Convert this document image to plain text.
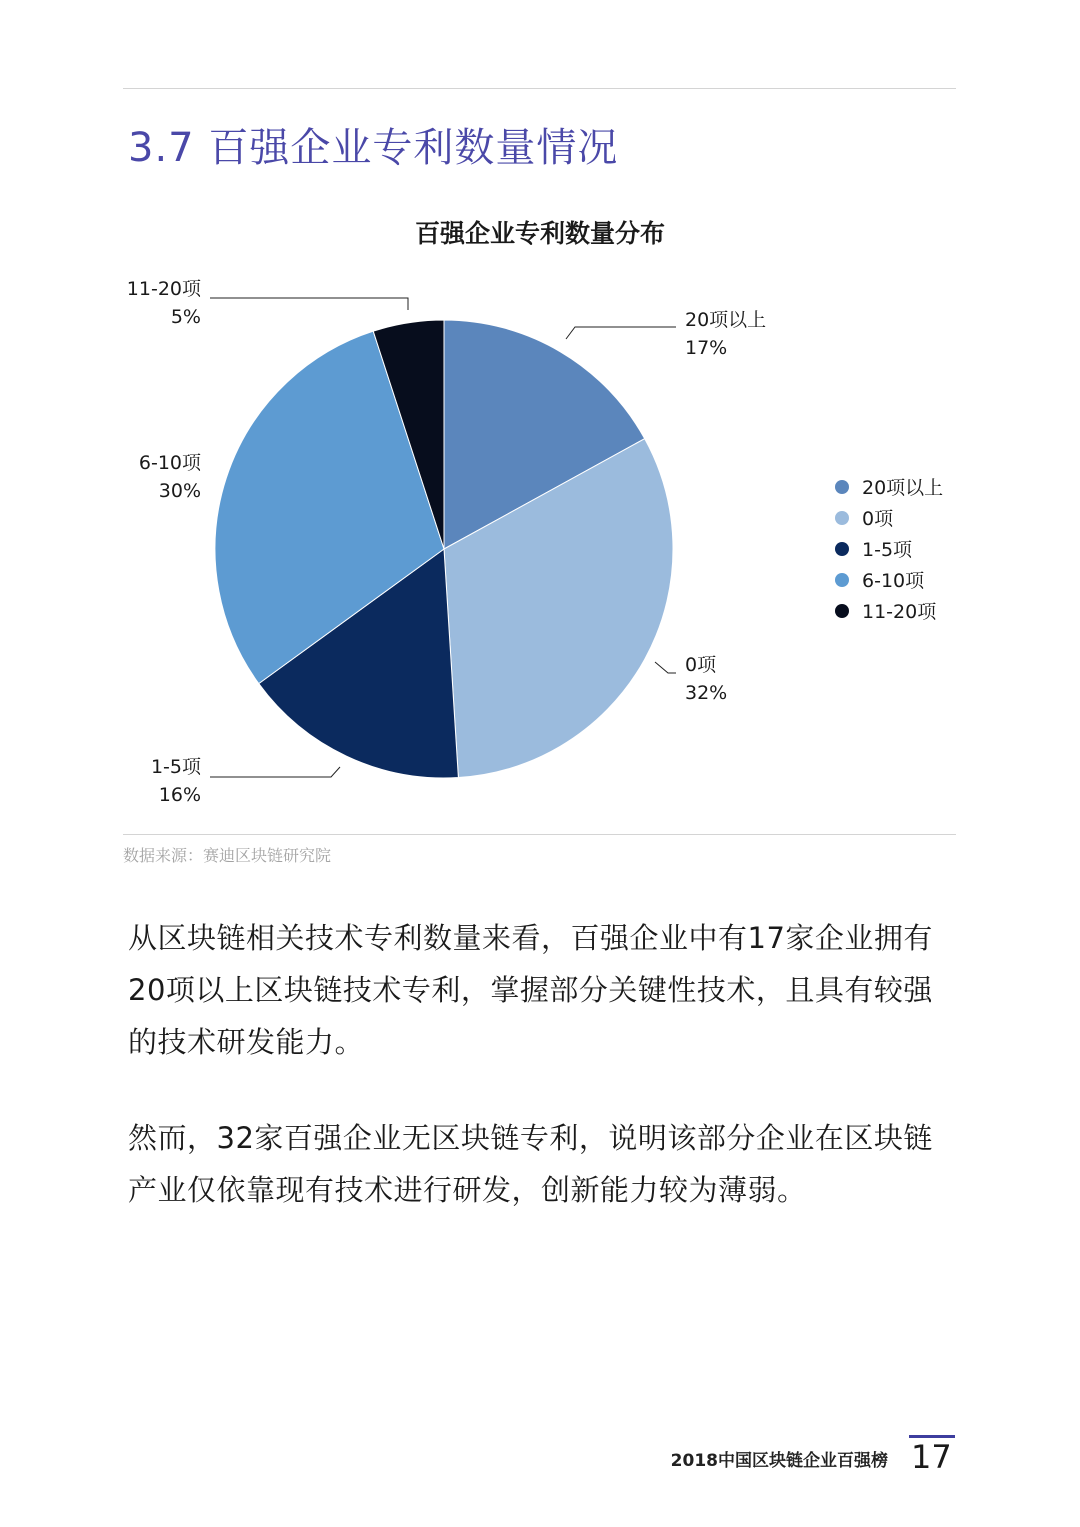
3.7 百强企业专利数量情况
百强企业专利数量分布
20项以上
17%
0项
32%
1-5项
16%
6-10项
30%
11-20项
5%
20项以上
0项
1-5项
6-10项
11-20项
数据来源：赛迪区块链研究院

从区块链相关技术专利数量来看，百强企业中有17家企业拥有20项以上区块链技术专利，掌握部分关键性技术，且具有较强的技术研发能力。

然而，32家百强企业无区块链专利，说明该部分企业在区块链产业仅依靠现有技术进行研发，创新能力较为薄弱。

2018中国区块链企业百强榜 17
